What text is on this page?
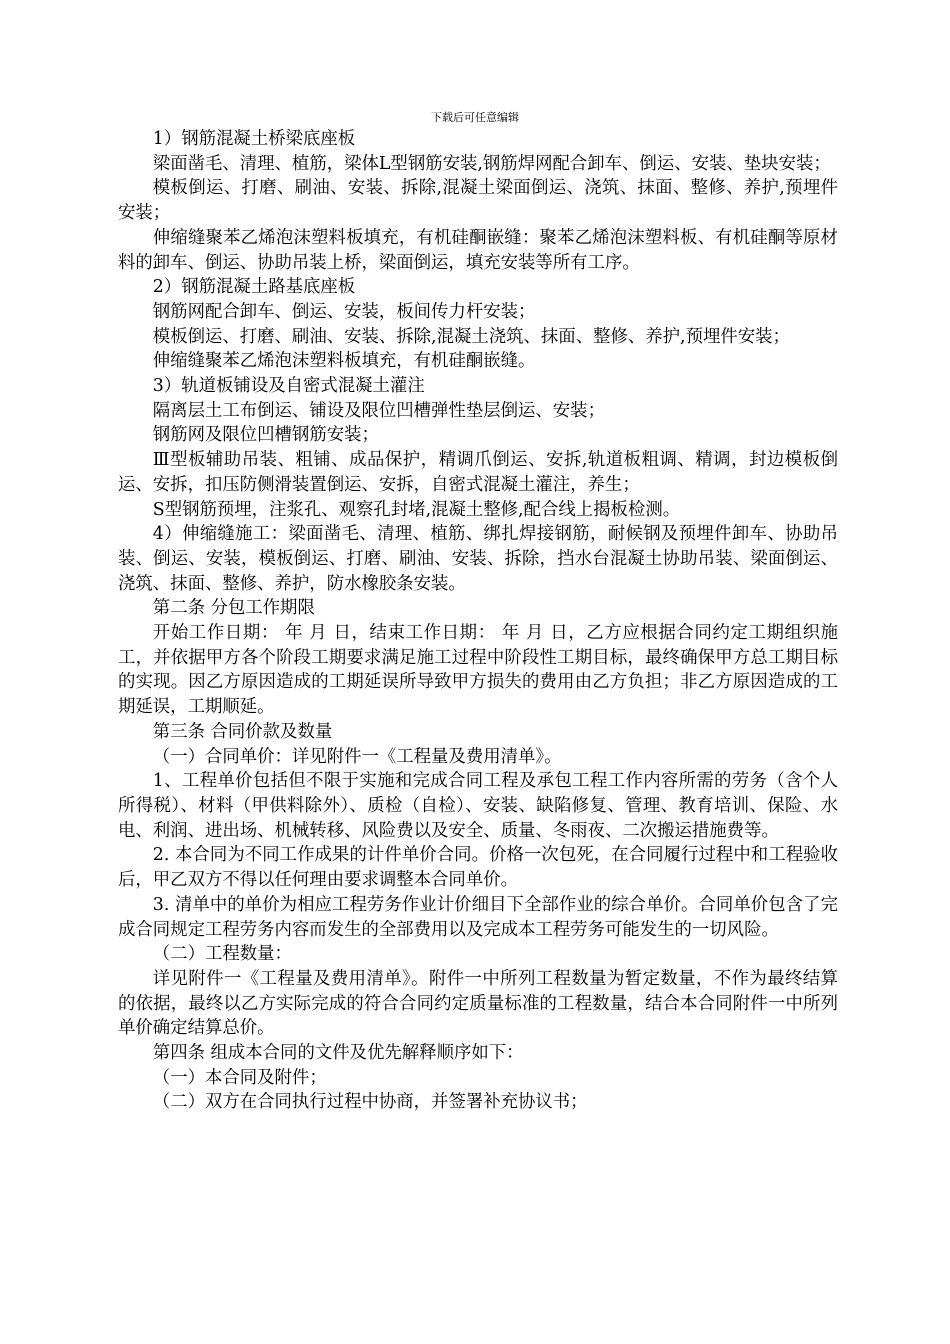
下载后可任意编辑

1）钢筋混凝土桥梁底座板

梁面凿毛、清理、植筋，梁体L型钢筋安装,钢筋焊网配合卸车、倒运、安装、垫块安装；

模板倒运、打磨、刷油、安装、拆除,混凝土梁面倒运、浇筑、抹面、整修、养护,预埋件安装；

伸缩缝聚苯乙烯泡沫塑料板填充，有机硅酮嵌缝：聚苯乙烯泡沫塑料板、有机硅酮等原材料的卸车、倒运、协助吊装上桥，梁面倒运，填充安装等所有工序。

2）钢筋混凝土路基底座板

钢筋网配合卸车、倒运、安装，板间传力杆安装；

模板倒运、打磨、刷油、安装、拆除,混凝土浇筑、抹面、整修、养护,预埋件安装；

伸缩缝聚苯乙烯泡沫塑料板填充，有机硅酮嵌缝。

3）轨道板铺设及自密式混凝土灌注

隔离层土工布倒运、铺设及限位凹槽弹性垫层倒运、安装；

钢筋网及限位凹槽钢筋安装；

Ⅲ型板辅助吊装、粗铺、成品保护，精调爪倒运、安拆,轨道板粗调、精调，封边模板倒运、安拆，扣压防侧滑装置倒运、安拆，自密式混凝土灌注，养生；

S型钢筋预埋，注浆孔、观察孔封堵,混凝土整修,配合线上揭板检测。

4）伸缩缝施工：梁面凿毛、清理、植筋、绑扎焊接钢筋，耐候钢及预埋件卸车、协助吊装、倒运、安装，模板倒运、打磨、刷油、安装、拆除，挡水台混凝土协助吊装、梁面倒运、浇筑、抹面、整修、养护，防水橡胶条安装。

第二条 分包工作期限

开始工作日期： 年 月 日，结束工作日期： 年 月 日，乙方应根据合同约定工期组织施工，并依据甲方各个阶段工期要求满足施工过程中阶段性工期目标，最终确保甲方总工期目标的实现。因乙方原因造成的工期延误所导致甲方损失的费用由乙方负担；非乙方原因造成的工期延误，工期顺延。

第三条 合同价款及数量

（一）合同单价：详见附件一《工程量及费用清单》。

1、工程单价包括但不限于实施和完成合同工程及承包工程工作内容所需的劳务（含个人所得税）、材料（甲供料除外）、质检（自检）、安装、缺陷修复、管理、教育培训、保险、水电、利润、进出场、机械转移、风险费以及安全、质量、冬雨夜、二次搬运措施费等。

2. 本合同为不同工作成果的计件单价合同。价格一次包死，在合同履行过程中和工程验收后，甲乙双方不得以任何理由要求调整本合同单价。

3. 清单中的单价为相应工程劳务作业计价细目下全部作业的综合单价。合同单价包含了完成合同规定工程劳务内容而发生的全部费用以及完成本工程劳务可能发生的一切风险。

（二）工程数量：

详见附件一《工程量及费用清单》。附件一中所列工程数量为暂定数量，不作为最终结算的依据，最终以乙方实际完成的符合合同约定质量标准的工程数量，结合本合同附件一中所列单价确定结算总价。

第四条 组成本合同的文件及优先解释顺序如下：

（一）本合同及附件；

（二）双方在合同执行过程中协商，并签署补充协议书；
